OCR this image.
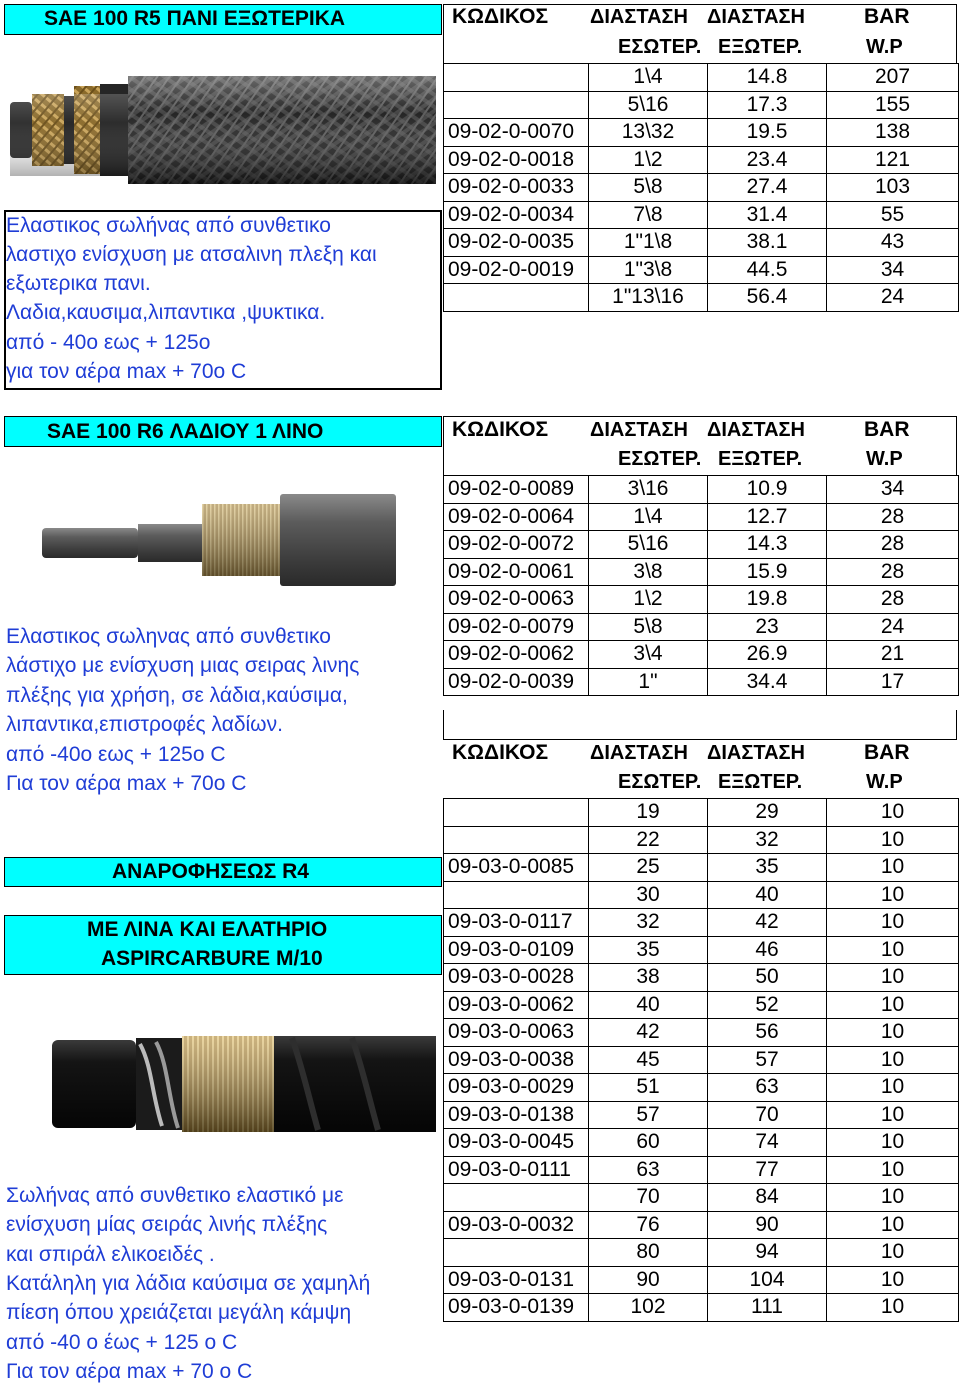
SAE 100 R5 ΠΑΝΙ ΕΞΩΤΕΡΙΚΑ	ΚΩΔΙΚΟΣ ΔΙΑΣΤΑΣΗ ΔΙΑΣΤΑΣΗ	BAR
ΕΣΩΤΕΡ. ΕΞΩΤΕΡ.	W.P
Ελαστικος σωλήνας από συνθετικο
λαστιχο ενίσχυση με ατσαλινη πλεξη και
εξωτερικα πανι.
Λαδια,καυσιμα,λιπαντικα ,ψυκτικα.
από - 40ο εως + 125ο
για τον αέρα max + 70o C
	1\4	14.8	207
	5\16	17.3	155
09-02-0-0070	13\32	19.5	138
09-02-0-0018	1\2	23.4	121
09-02-0-0033	5\8	27.4	103
09-02-0-0034	7\8	31.4	55
09-02-0-0035	1"1\8	38.1	43
09-02-0-0019	1"3\8	44.5	34
	1"13\16	56.4	24
SAE 100 R6 ΛΑΔΙΟΥ 1 ΛΙΝΟ	ΚΩΔΙΚΟΣ ΔΙΑΣΤΑΣΗ ΔΙΑΣΤΑΣΗ	BAR
ΕΣΩΤΕΡ. ΕΞΩΤΕΡ.	W.P
Ελαστικος σωληνας από συνθετικο
λάστιχο με ενίσχυση μιας σειρας λινης
πλέξης για χρήση, σε λάδια,καύσιμα,
λιπαντικα,επιστροφές λαδίων.
από -40ο εως + 125ο C
Για τον αέρα max + 70o C
09-02-0-0089	3\16	10.9	34
09-02-0-0064	1\4	12.7	28
09-02-0-0072	5\16	14.3	28
09-02-0-0061	3\8	15.9	28
09-02-0-0063	1\2	19.8	28
09-02-0-0079	5\8	23	24
09-02-0-0062	3\4	26.9	21
09-02-0-0039	1"	34.4	17
ΚΩΔΙΚΟΣ ΔΙΑΣΤΑΣΗ ΔΙΑΣΤΑΣΗ	BAR
ΕΣΩΤΕΡ. ΕΞΩΤΕΡ.	W.P
ΑΝΑΡΟΦΗΣΕΩΣ R4
ΜΕ ΛΙΝΑ ΚΑΙ ΕΛΑΤΗΡΙΟ
ASPIRCARBURE M/10
Σωλήνας από συνθετικο ελαστικό με
ενίσχυση μίας σειράς λινής πλέξης
και σπιράλ ελικοειδές .
Κατάληλη για λάδια καύσιμα σε χαμηλή
πίεση όπου χρειάζεται μεγάλη κάμψη
από -40 ο έως + 125 ο C
Για τον αέρα max + 70 ο C
	19	29	10
	22	32	10
09-03-0-0085	25	35	10
	30	40	10
09-03-0-0117	32	42	10
09-03-0-0109	35	46	10
09-03-0-0028	38	50	10
09-03-0-0062	40	52	10
09-03-0-0063	42	56	10
09-03-0-0038	45	57	10
09-03-0-0029	51	63	10
09-03-0-0138	57	70	10
09-03-0-0045	60	74	10
09-03-0-0111	63	77	10
	70	84	10
09-03-0-0032	76	90	10
	80	94	10
09-03-0-0131	90	104	10
09-03-0-0139	102	111	10
